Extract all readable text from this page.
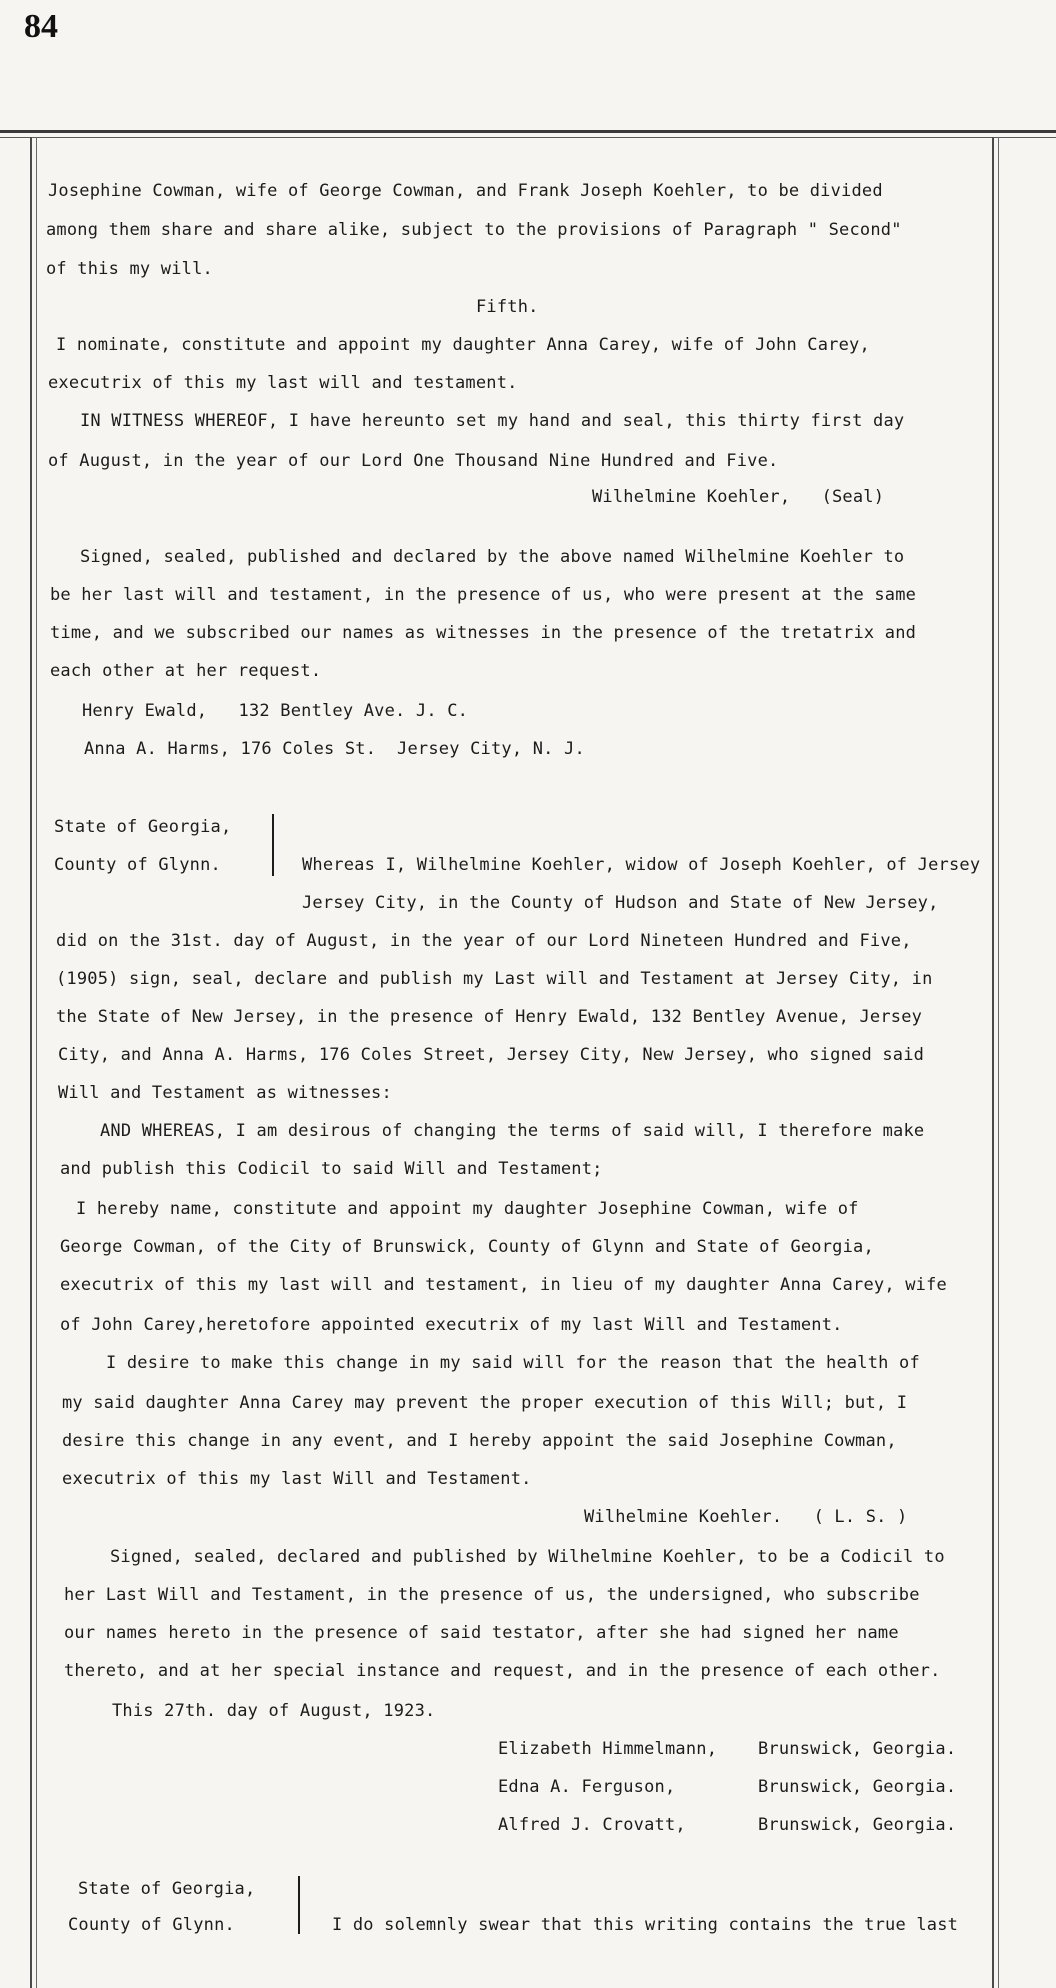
84
Josephine Cowman, wife of George Cowman, and Frank Joseph Koehler, to be divided
among them share and share alike, subject to the provisions of Paragraph " Second"
of this my will.
Fifth.
I nominate, constitute and appoint my daughter Anna Carey, wife of John Carey,
executrix of this my last will and testament.
IN WITNESS WHEREOF, I have hereunto set my hand and seal, this thirty first day
of August, in the year of our Lord One Thousand Nine Hundred and Five.
Wilhelmine Koehler,   (Seal)
Signed, sealed, published and declared by the above named Wilhelmine Koehler to
be her last will and testament, in the presence of us, who were present at the same
time, and we subscribed our names as witnesses in the presence of the tretatrix and
each other at her request.
Henry Ewald,   132 Bentley Ave. J. C.
Anna A. Harms, 176 Coles St.  Jersey City, N. J.
State of Georgia,
County of Glynn.	Whereas I, Wilhelmine Koehler, widow of Joseph Koehler, of Jersey
Jersey City, in the County of Hudson and State of New Jersey,
did on the 31st. day of August, in the year of our Lord Nineteen Hundred and Five,
(1905) sign, seal, declare and publish my Last will and Testament at Jersey City, in
the State of New Jersey, in the presence of Henry Ewald, 132 Bentley Avenue, Jersey
City, and Anna A. Harms, 176 Coles Street, Jersey City, New Jersey, who signed said
Will and Testament as witnesses:
AND WHEREAS, I am desirous of changing the terms of said will, I therefore make
and publish this Codicil to said Will and Testament;
I hereby name, constitute and appoint my daughter Josephine Cowman, wife of
George Cowman, of the City of Brunswick, County of Glynn and State of Georgia,
executrix of this my last will and testament, in lieu of my daughter Anna Carey, wife
of John Carey,heretofore appointed executrix of my last Will and Testament.
I desire to make this change in my said will for the reason that the health of
my said daughter Anna Carey may prevent the proper execution of this Will; but, I
desire this change in any event, and I hereby appoint the said Josephine Cowman,
executrix of this my last Will and Testament.
Wilhelmine Koehler.   ( L. S. )
Signed, sealed, declared and published by Wilhelmine Koehler, to be a Codicil to
her Last Will and Testament, in the presence of us, the undersigned, who subscribe
our names hereto in the presence of said testator, after she had signed her name
thereto, and at her special instance and request, and in the presence of each other.
This 27th. day of August, 1923.
Elizabeth Himmelmann, Brunswick, Georgia.
Edna A. Ferguson,	Brunswick, Georgia.
Alfred J. Crovatt,	Brunswick, Georgia.
State of Georgia,
County of Glynn.	I do solemnly swear that this writing contains the true last
